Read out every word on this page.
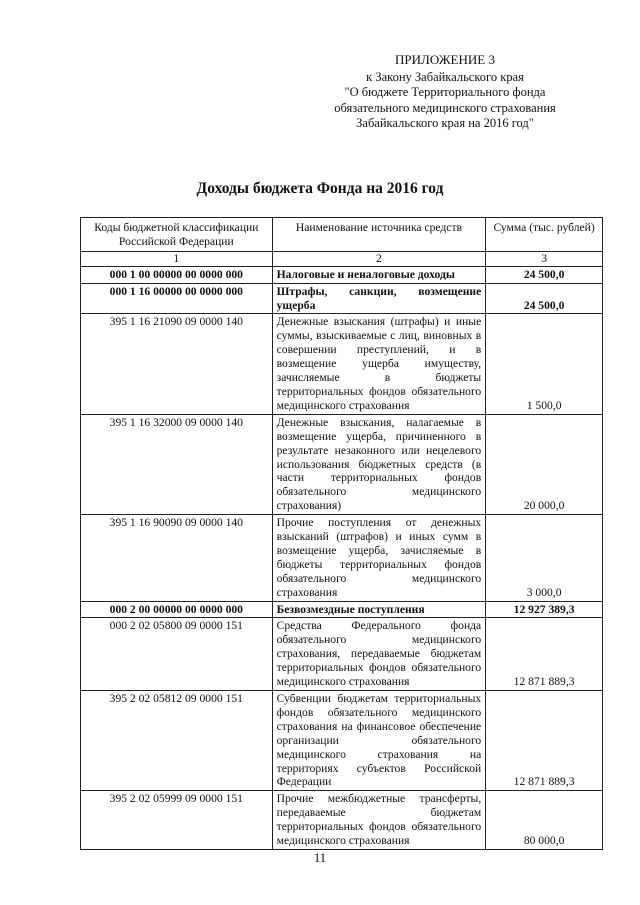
ПРИЛОЖЕНИЕ 3
к Закону Забайкальского края
"О бюджете Территориального фонда
обязательного медицинского страхования
Забайкальского края на 2016 год"
Доходы бюджета Фонда на 2016 год
Коды бюджетной классификации Российской Федерации	Наименование источника средств	Сумма (тыс. рублей)
1	2	3
000 1 00 00000 00 0000 000	Налоговые и неналоговые доходы	24 500,0
000 1 16 00000 00 0000 000	Штрафы, санкции, возмещение ущерба	24 500,0
395 1 16 21090 09 0000 140	Денежные взыскания (штрафы) и иные суммы, взыскиваемые с лиц, виновных в совершении преступлений, и в возмещение ущерба имуществу, зачисляемые в бюджеты территориальных фондов обязательного медицинского страхования	1 500,0
395 1 16 32000 09 0000 140	Денежные взыскания, налагаемые в возмещение ущерба, причиненного в результате незаконного или нецелевого использования бюджетных средств (в части территориальных фондов обязательного медицинского страхования)	20 000,0
395 1 16 90090 09 0000 140	Прочие поступления от денежных взысканий (штрафов) и иных сумм в возмещение ущерба, зачисляемые в бюджеты территориальных фондов обязательного медицинского страхования	3 000,0
000 2 00 00000 00 0000 000	Безвозмездные поступления	12 927 389,3
000 2 02 05800 09 0000 151	Средства Федерального фонда обязательного медицинского страхования, передаваемые бюджетам территориальных фондов обязательного медицинского страхования	12 871 889,3
395 2 02 05812 09 0000 151	Субвенции бюджетам территориальных фондов обязательного медицинского страхования на финансовое обеспечение организации обязательного медицинского страхования на территориях субъектов Российской Федерации	12 871 889,3
395 2 02 05999 09 0000 151	Прочие межбюджетные трансферты, передаваемые бюджетам территориальных фондов обязательного медицинского страхования	80 000,0
11
